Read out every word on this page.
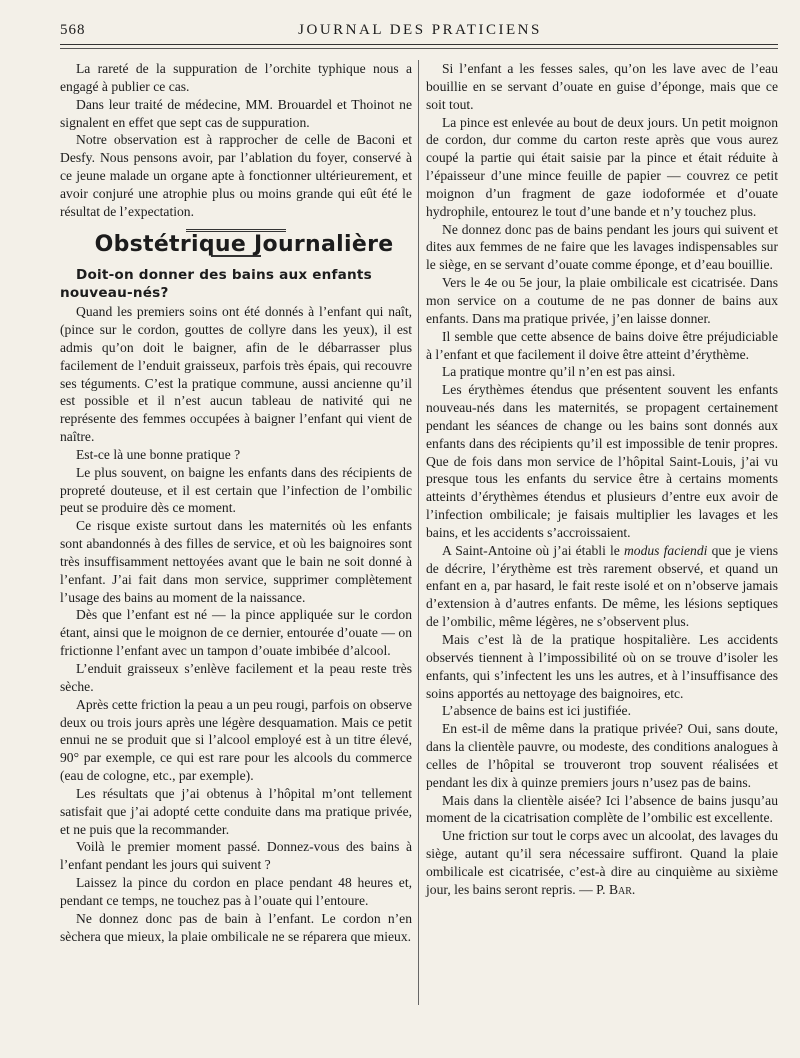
568	JOURNAL DES PRATICIENS

La rareté de la suppuration de l’orchite typhique nous a engagé à publier ce cas.

Dans leur traité de médecine, MM. Brouardel et Thoinot ne signalent en effet que sept cas de suppuration.

Notre observation est à rapprocher de celle de Baconi et Desfy. Nous pensons avoir, par l’ablation du foyer, conservé à ce jeune malade un organe apte à fonctionner ultérieurement, et avoir conjuré une atrophie plus ou moins grande qui eût été le résultat de l’expectation.

Obstétrique Journalière

Doit-on donner des bains aux enfants nouveau-nés?

Quand les premiers soins ont été donnés à l’enfant qui naît, (pince sur le cordon, gouttes de collyre dans les yeux), il est admis qu’on doit le baigner, afin de le débarrasser plus facilement de l’enduit graisseux, parfois très épais, qui recouvre ses téguments. C’est la pratique commune, aussi ancienne qu’il est possible et il n’est aucun tableau de nativité qui ne représente des femmes occupées à baigner l’enfant qui vient de naître.

Est-ce là une bonne pratique ?

Le plus souvent, on baigne les enfants dans des récipients de propreté douteuse, et il est certain que l’infection de l’ombilic peut se produire dès ce moment.

Ce risque existe surtout dans les maternités où les enfants sont abandonnés à des filles de service, et où les baignoires sont très insuffisamment nettoyées avant que le bain ne soit donné à l’enfant. J’ai fait dans mon service, supprimer complètement l’usage des bains au moment de la naissance.

Dès que l’enfant est né — la pince appliquée sur le cordon étant, ainsi que le moignon de ce dernier, entourée d’ouate — on frictionne l’enfant avec un tampon d’ouate imbibée d’alcool.

L’enduit graisseux s’enlève facilement et la peau reste très sèche.

Après cette friction la peau a un peu rougi, parfois on observe deux ou trois jours après une légère desquamation. Mais ce petit ennui ne se produit que si l’alcool employé est à un titre élevé, 90° par exemple, ce qui est rare pour les alcools du commerce (eau de cologne, etc., par exemple).

Les résultats que j’ai obtenus à l’hôpital m’ont tellement satisfait que j’ai adopté cette conduite dans ma pratique privée, et ne puis que la recommander.

Voilà le premier moment passé. Donnez-vous des bains à l’enfant pendant les jours qui suivent ?

Laissez la pince du cordon en place pendant 48 heures et, pendant ce temps, ne touchez pas à l’ouate qui l’entoure.

Ne donnez donc pas de bain à l’enfant. Le cordon n’en sèchera que mieux, la plaie ombilicale ne se réparera que mieux.

Si l’enfant a les fesses sales, qu’on les lave avec de l’eau bouillie en se servant d’ouate en guise d’éponge, mais que ce soit tout.

La pince est enlevée au bout de deux jours. Un petit moignon de cordon, dur comme du carton reste après que vous aurez coupé la partie qui était saisie par la pince et était réduite à l’épaisseur d’une mince feuille de papier — couvrez ce petit moignon d’un fragment de gaze iodoformée et d’ouate hydrophile, entourez le tout d’une bande et n’y touchez plus.

Ne donnez donc pas de bains pendant les jours qui suivent et dites aux femmes de ne faire que les lavages indispensables sur le siège, en se servant d’ouate comme éponge, et d’eau bouillie.

Vers le 4e ou 5e jour, la plaie ombilicale est cicatrisée. Dans mon service on a coutume de ne pas donner de bains aux enfants. Dans ma pratique privée, j’en laisse donner.

Il semble que cette absence de bains doive être préjudiciable à l’enfant et que facilement il doive être atteint d’érythème.

La pratique montre qu’il n’en est pas ainsi.

Les érythèmes étendus que présentent souvent les enfants nouveau-nés dans les maternités, se propagent certainement pendant les séances de change ou les bains sont donnés aux enfants dans des récipients qu’il est impossible de tenir propres. Que de fois dans mon service de l’hôpital Saint-Louis, j’ai vu presque tous les enfants du service être à certains moments atteints d’érythèmes étendus et plusieurs d’entre eux avoir de l’infection ombilicale; je faisais multiplier les lavages et les bains, et les accidents s’accroissaient.

A Saint-Antoine où j’ai établi le modus faciendi que je viens de décrire, l’érythème est très rarement observé, et quand un enfant en a, par hasard, le fait reste isolé et on n’observe jamais d’extension à d’autres enfants. De même, les lésions septiques de l’ombilic, même légères, ne s’observent plus.

Mais c’est là de la pratique hospitalière. Les accidents observés tiennent à l’impossibilité où on se trouve d’isoler les enfants, qui s’infectent les uns les autres, et à l’insuffisance des soins apportés au nettoyage des baignoires, etc.

L’absence de bains est ici justifiée.

En est-il de même dans la pratique privée? Oui, sans doute, dans la clientèle pauvre, ou modeste, des conditions analogues à celles de l’hôpital se trouveront trop souvent réalisées et pendant les dix à quinze premiers jours n’usez pas de bains.

Mais dans la clientèle aisée? Ici l’absence de bains jusqu’au moment de la cicatrisation complète de l’ombilic est excellente.

Une friction sur tout le corps avec un alcoolat, des lavages du siège, autant qu’il sera nécessaire suffiront. Quand la plaie ombilicale est cicatrisée, c’est-à dire au cinquième au sixième jour, les bains seront repris. — P. Bar.
